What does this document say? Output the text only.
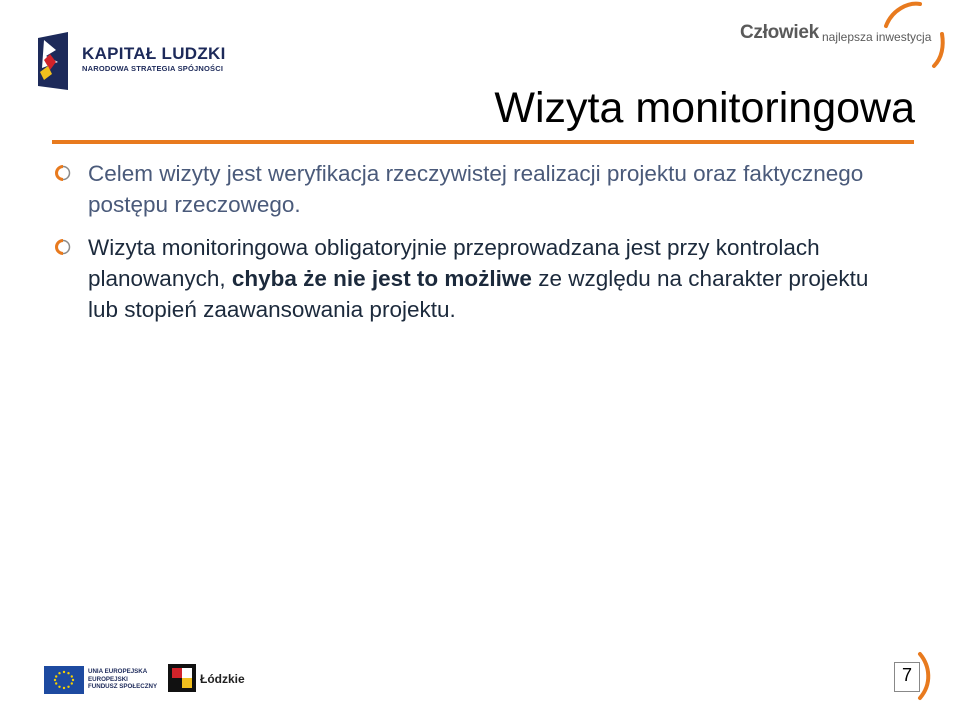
KAPITAŁ LUDZKI
NARODOWA STRATEGIA SPÓJNOŚCI
Człowiek najlepsza inwestycja
Wizyta monitoringowa
Celem wizyty jest weryfikacja rzeczywistej realizacji projektu oraz faktycznego postępu rzeczowego.
Wizyta monitoringowa obligatoryjnie przeprowadzana jest przy kontrolach planowanych, chyba że nie jest to możliwe ze względu na charakter projektu lub stopień zaawansowania projektu.
UNIA EUROPEJSKA
EUROPEJSKI
FUNDUSZ SPOŁECZNY
Łódzkie	7
